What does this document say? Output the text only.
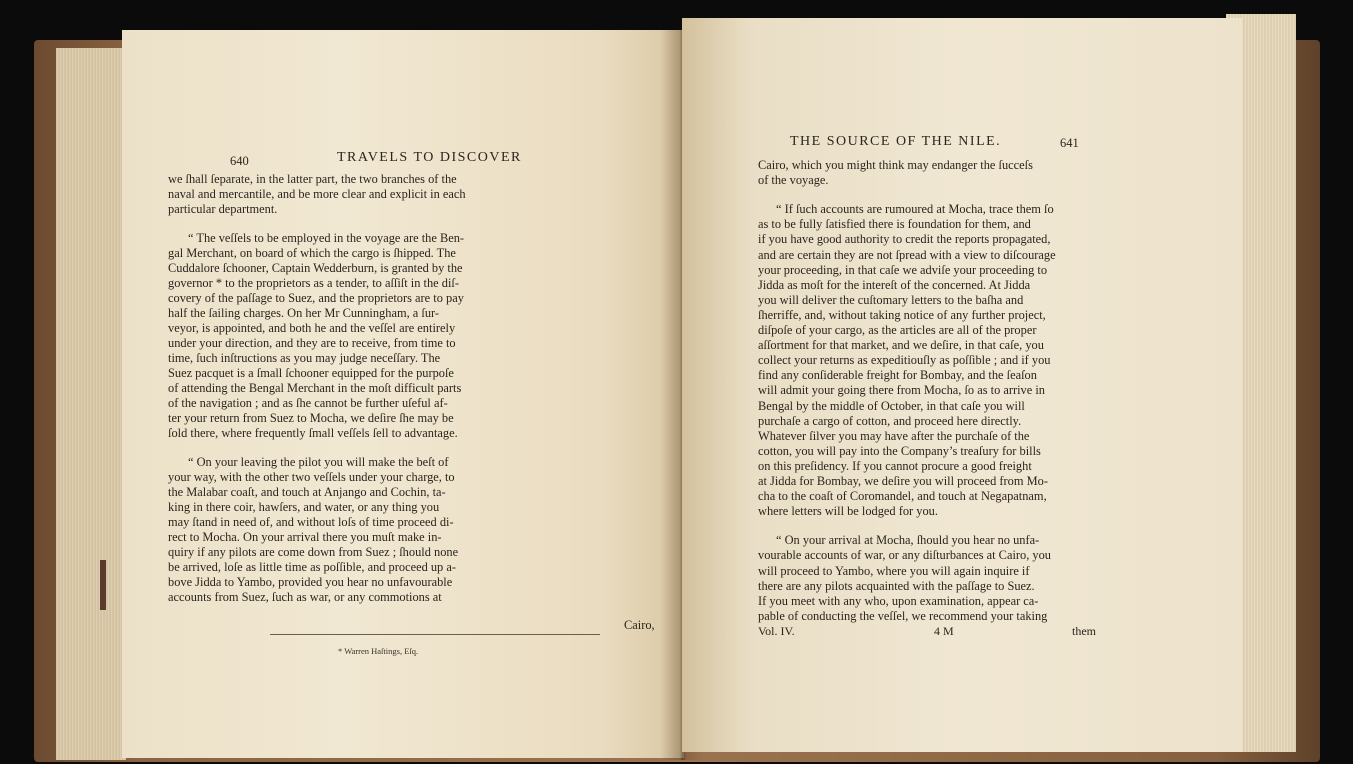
640	TRAVELS TO DISCOVER
we ſhall ſeparate, in the latter part, the two branches of the
naval and mercantile, and be more clear and explicit in each
particular department.
“ The veſſels to be employed in the voyage are the Ben-
gal Merchant, on board of which the cargo is ſhipped. The
Cuddalore ſchooner, Captain Wedderburn, is granted by the
governor * to the proprietors as a tender, to aſſiſt in the diſ-
covery of the paſſage to Suez, and the proprietors are to pay
half the ſailing charges. On her Mr Cunningham, a ſur-
veyor, is appointed, and both he and the veſſel are entirely
under your direction, and they are to receive, from time to
time, ſuch inſtructions as you may judge neceſſary. The
Suez pacquet is a ſmall ſchooner equipped for the purpoſe
of attending the Bengal Merchant in the moſt difficult parts
of the navigation ; and as ſhe cannot be further uſeful af-
ter your return from Suez to Mocha, we deſire ſhe may be
ſold there, where frequently ſmall veſſels ſell to advantage.
“ On your leaving the pilot you will make the beſt of
your way, with the other two veſſels under your charge, to
the Malabar coaſt, and touch at Anjango and Cochin, ta-
king in there coir, hawſers, and water, or any thing you
may ſtand in need of, and without loſs of time proceed di-
rect to Mocha. On your arrival there you muſt make in-
quiry if any pilots are come down from Suez ; ſhould none
be arrived, loſe as little time as poſſible, and proceed up a-
bove Jidda to Yambo, provided you hear no unfavourable
accounts from Suez, ſuch as war, or any commotions at
Cairo,
* Warren Haſtings, Eſq.
THE SOURCE OF THE NILE.	641
Cairo, which you might think may endanger the ſucceſs
of the voyage.
“ If ſuch accounts are rumoured at Mocha, trace them ſo
as to be fully ſatisfied there is foundation for them, and
if you have good authority to credit the reports propagated,
and are certain they are not ſpread with a view to diſcourage
your proceeding, in that caſe we adviſe your proceeding to
Jidda as moſt for the intereſt of the concerned. At Jidda
you will deliver the cuſtomary letters to the baſha and
ſherriffe, and, without taking notice of any further project,
diſpoſe of your cargo, as the articles are all of the proper
aſſortment for that market, and we deſire, in that caſe, you
collect your returns as expeditiouſly as poſſible ; and if you
find any conſiderable freight for Bombay, and the ſeaſon
will admit your going there from Mocha, ſo as to arrive in
Bengal by the middle of October, in that caſe you will
purchaſe a cargo of cotton, and proceed here directly.
Whatever ſilver you may have after the purchaſe of the
cotton, you will pay into the Company’s treaſury for bills
on this preſidency. If you cannot procure a good freight
at Jidda for Bombay, we deſire you will proceed from Mo-
cha to the coaſt of Coromandel, and touch at Negapatnam,
where letters will be lodged for you.
“ On your arrival at Mocha, ſhould you hear no unfa-
vourable accounts of war, or any diſturbances at Cairo, you
will proceed to Yambo, where you will again inquire if
there are any pilots acquainted with the paſſage to Suez.
If you meet with any who, upon examination, appear ca-
pable of conducting the veſſel, we recommend your taking
Vol. IV.	4 M	them
